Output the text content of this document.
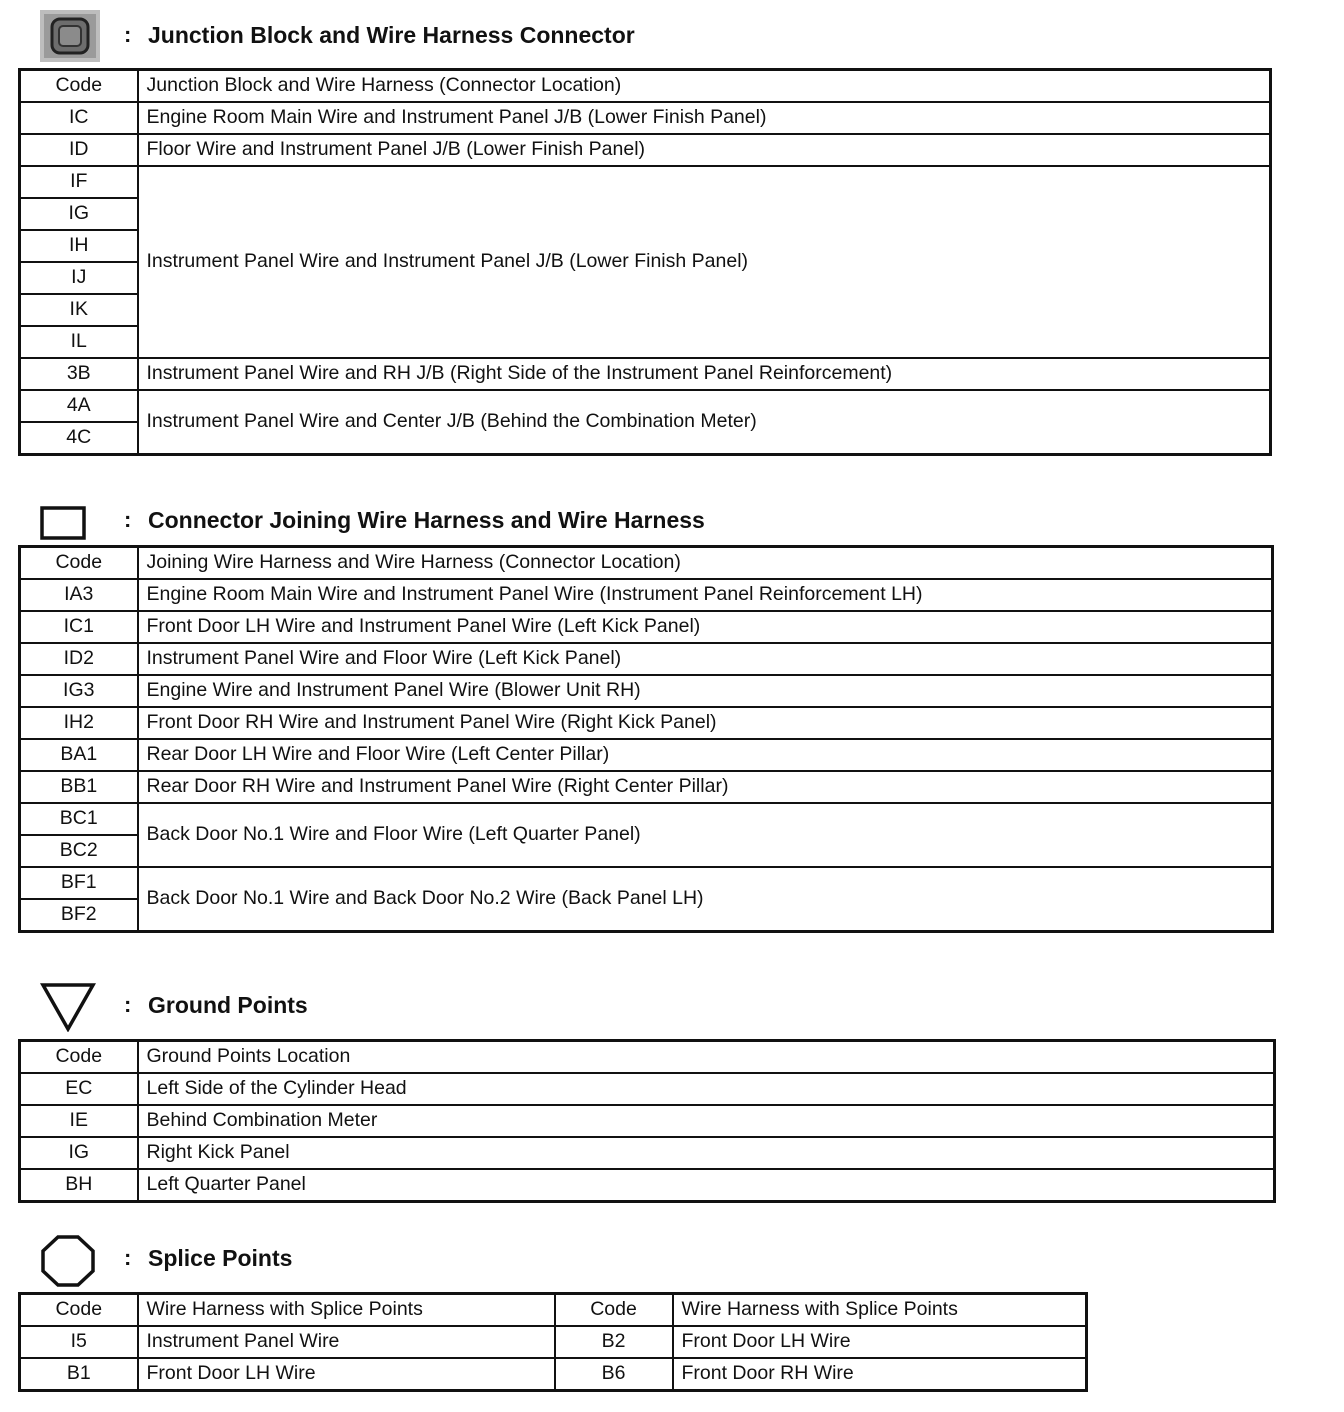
: Junction Block and Wire Harness Connector
Code	Junction Block and Wire Harness (Connector Location)
IC	Engine Room Main Wire and Instrument Panel J/B (Lower Finish Panel)
ID	Floor Wire and Instrument Panel J/B (Lower Finish Panel)
IF	Instrument Panel Wire and Instrument Panel J/B (Lower Finish Panel)
IG	
IH	
IJ	
IK	
IL	
3B	Instrument Panel Wire and RH J/B (Right Side of the Instrument Panel Reinforcement)
4A	Instrument Panel Wire and Center J/B (Behind the Combination Meter)
4C	
: Connector Joining Wire Harness and Wire Harness
Code	Joining Wire Harness and Wire Harness (Connector Location)
IA3	Engine Room Main Wire and Instrument Panel Wire (Instrument Panel Reinforcement LH)
IC1	Front Door LH Wire and Instrument Panel Wire (Left Kick Panel)
ID2	Instrument Panel Wire and Floor Wire (Left Kick Panel)
IG3	Engine Wire and Instrument Panel Wire (Blower Unit RH)
IH2	Front Door RH Wire and Instrument Panel Wire (Right Kick Panel)
BA1	Rear Door LH Wire and Floor Wire (Left Center Pillar)
BB1	Rear Door RH Wire and Instrument Panel Wire (Right Center Pillar)
BC1	Back Door No.1 Wire and Floor Wire (Left Quarter Panel)
BC2	
BF1	Back Door No.1 Wire and Back Door No.2 Wire (Back Panel LH)
BF2	
: Ground Points
Code	Ground Points Location
EC	Left Side of the Cylinder Head
IE	Behind Combination Meter
IG	Right Kick Panel
BH	Left Quarter Panel
: Splice Points
Code	Wire Harness with Splice Points	Code	Wire Harness with Splice Points
I5	Instrument Panel Wire	B2	Front Door LH Wire
B1	Front Door LH Wire	B6	Front Door RH Wire
